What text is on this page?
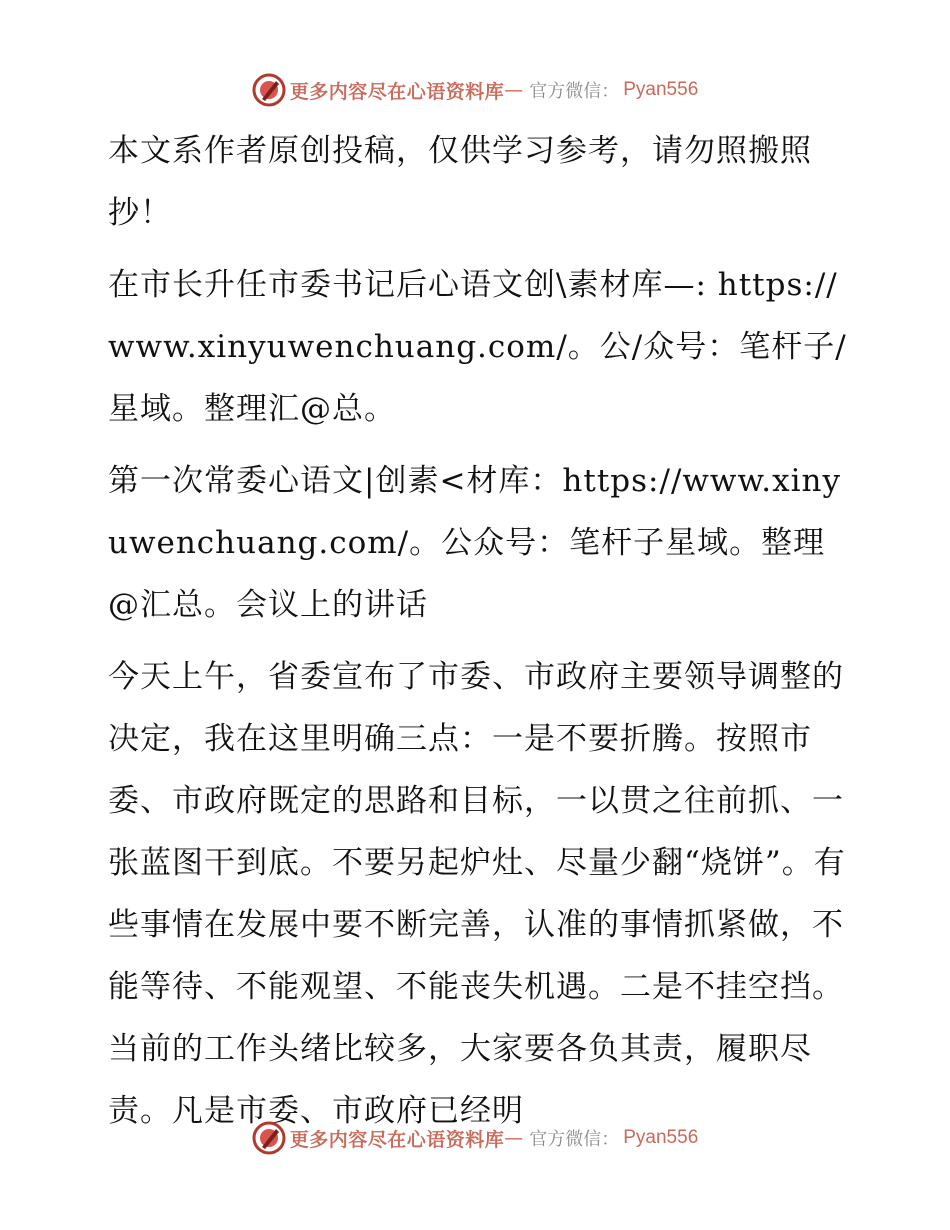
更多内容尽在心语资料库 — 官方微信： Pyan556

本文系作者原创投稿，仅供学习参考，请勿照搬照抄！

在市长升任市委书记后心语文创\素材库—: https://www.xinyuwenchuang.com/。公/众号：笔杆子/星域。整理汇@总。

第一次常委心语文|创素<材库：https://www.xinyuwenchuang.com/。公众号：笔杆子星域。整理@汇总。会议上的讲话

今天上午，省委宣布了市委、市政府主要领导调整的决定，我在这里明确三点：一是不要折腾。按照市委、市政府既定的思路和目标，一以贯之往前抓、一张蓝图干到底。不要另起炉灶、尽量少翻“烧饼”。有些事情在发展中要不断完善，认准的事情抓紧做，不能等待、不能观望、不能丧失机遇。二是不挂空挡。当前的工作头绪比较多，大家要各负其责，履职尽责。凡是市委、市政府已经明

更多内容尽在心语资料库 — 官方微信： Pyan556
